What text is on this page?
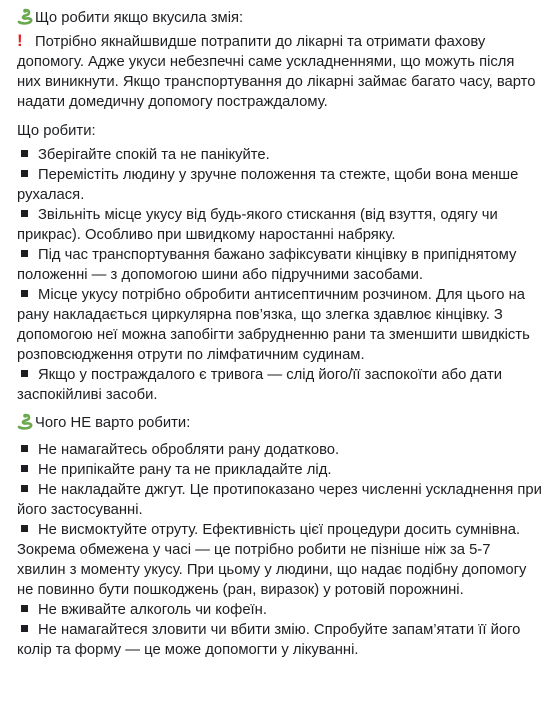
Що робити якщо вкусила змія:
! Потрібно якнайшвидше потрапити до лікарні та отримати фахову допомогу. Адже укуси небезпечні саме ускладненнями, що можуть після них виникнути. Якщо транспортування до лікарні займає багато часу, варто надати домедичну допомогу постраждалому.
Що робити:
Зберігайте спокій та не панікуйте.
Перемістіть людину у зручне положення та стежте, щоби вона менше рухалася.
Звільніть місце укусу від будь-якого стискання (від взуття, одягу чи прикрас). Особливо при швидкому наростанні набряку.
Під час транспортування бажано зафіксувати кінцівку в припіднятому положенні — з допомогою шини або підручними засобами.
Місце укусу потрібно обробити антисептичним розчином. Для цього на рану накладається циркулярна пов’язка, що злегка здавлює кінцівку. З допомогою неї можна запобігти забрудненню рани та зменшити швидкість розповсюдження отрути по лімфатичним судинам.
Якщо у постраждалого є тривога — слід його/її заспокоїти або дати заспокійливі засоби.
Чого НЕ варто робити:
Не намагайтесь обробляти рану додатково.
Не припікайте рану та не прикладайте лід.
Не накладайте джгут. Це протипоказано через численні ускладнення при його застосуванні.
Не висмоктуйте отруту. Ефективність цієї процедури досить сумнівна. Зокрема обмежена у часі — це потрібно робити не пізніше ніж за 5-7 хвилин з моменту укусу. При цьому у людини, що надає подібну допомогу не повинно бути пошкоджень (ран, виразок) у ротовій порожнині.
Не вживайте алкоголь чи кофеїн.
Не намагайтеся зловити чи вбити змію. Спробуйте запам’ятати її його колір та форму — це може допомогти у лікуванні.
